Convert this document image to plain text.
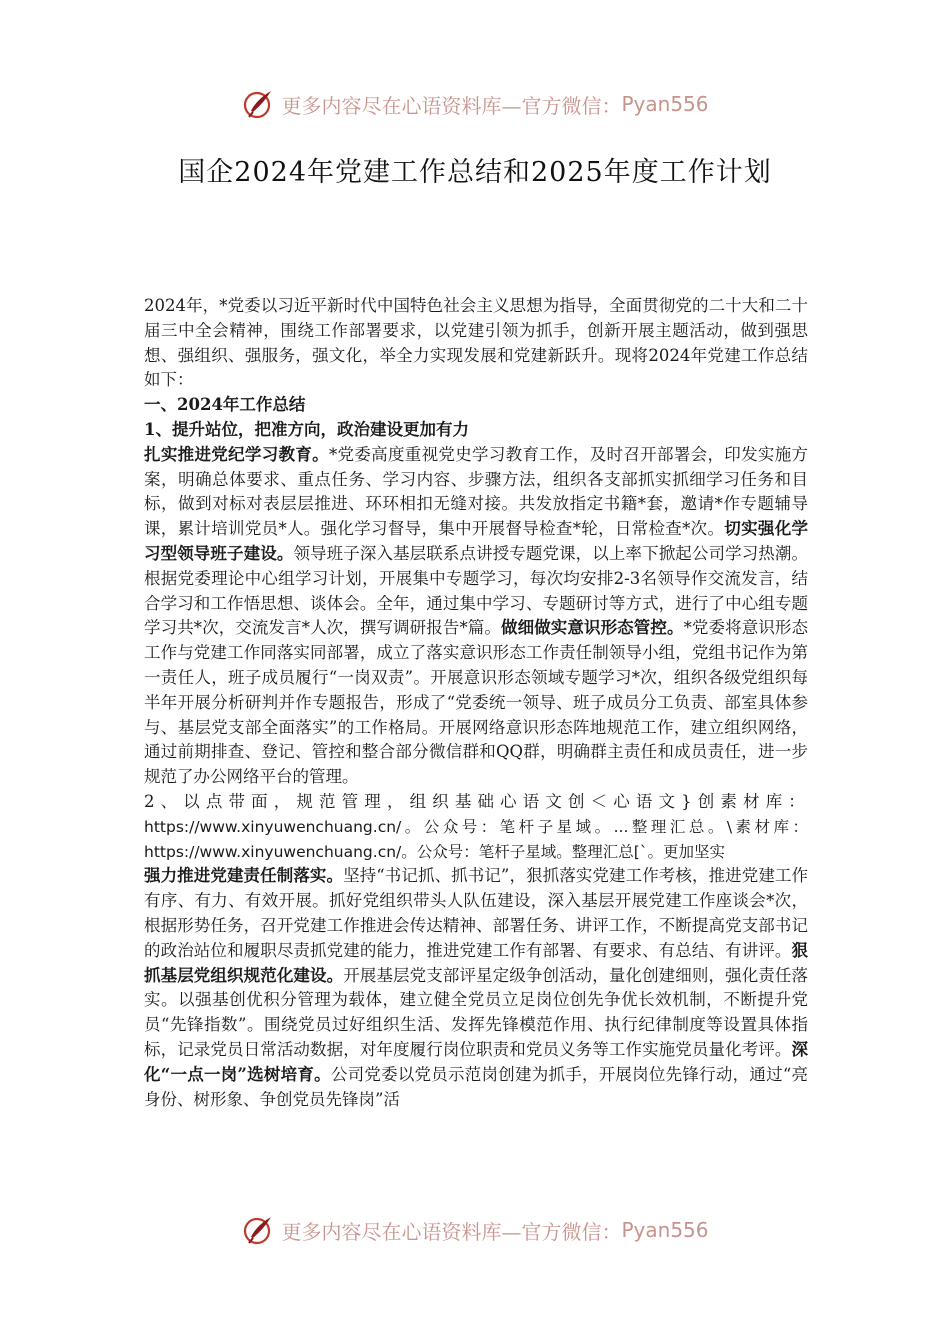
更多内容尽在心语资料库—官方微信： Pyan556
国企2024年党建工作总结和2025年度工作计划

2024年，*党委以习近平新时代中国特色社会主义思想为指导，全面贯彻党的二十大和二十届三中全会精神，围绕工作部署要求，以党建引领为抓手，创新开展主题活动，做到强思想、强组织、强服务，强文化，举全力实现发展和党建新跃升。现将2024年党建工作总结如下：

一、2024年工作总结

1、提升站位，把准方向，政治建设更加有力

扎实推进党纪学习教育。*党委高度重视党史学习教育工作，及时召开部署会，印发实施方案，明确总体要求、重点任务、学习内容、步骤方法，组织各支部抓实抓细学习任务和目标，做到对标对表层层推进、环环相扣无缝对接。共发放指定书籍*套，邀请*作专题辅导课，累计培训党员*人。强化学习督导，集中开展督导检查*轮，日常检查*次。切实强化学习型领导班子建设。领导班子深入基层联系点讲授专题党课，以上率下掀起公司学习热潮。根据党委理论中心组学习计划，开展集中专题学习，每次均安排2-3名领导作交流发言，结合学习和工作悟思想、谈体会。全年，通过集中学习、专题研讨等方式，进行了中心组专题学习共*次，交流发言*人次，撰写调研报告*篇。做细做实意识形态管控。*党委将意识形态工作与党建工作同落实同部署，成立了落实意识形态工作责任制领导小组，党组书记作为第一责任人，班子成员履行“一岗双责”。开展意识形态领域专题学习*次，组织各级党组织每半年开展分析研判并作专题报告，形成了“党委统一领导、班子成员分工负责、部室具体参与、基层党支部全面落实”的工作格局。开展网络意识形态阵地规范工作，建立组织网络，通过前期排查、登记、管控和整合部分微信群和QQ群，明确群主责任和成员责任，进一步规范了办公网络平台的管理。

2、以点带面，规范管理，组织基础心语文创＜心语文}创素材库： https://www.xinyuwenchuang.cn/。公众号：笔杆子星域。...整理汇总。\素材库： https://www.xinyuwenchuang.cn/。公众号：笔杆子星域。整理汇总[`。更加坚实

强力推进党建责任制落实。坚持“书记抓、抓书记”，狠抓落实党建工作考核，推进党建工作有序、有力、有效开展。抓好党组织带头人队伍建设，深入基层开展党建工作座谈会*次，根据形势任务，召开党建工作推进会传达精神、部署任务、讲评工作，不断提高党支部书记的政治站位和履职尽责抓党建的能力，推进党建工作有部署、有要求、有总结、有讲评。狠抓基层党组织规范化建设。开展基层党支部评星定级争创活动，量化创建细则，强化责任落实。以强基创优积分管理为载体，建立健全党员立足岗位创先争优长效机制，不断提升党员“先锋指数”。围绕党员过好组织生活、发挥先锋模范作用、执行纪律制度等设置具体指标，记录党员日常活动数据，对年度履行岗位职责和党员义务等工作实施党员量化考评。深化“一点一岗”选树培育。公司党委以党员示范岗创建为抓手，开展岗位先锋行动，通过“亮身份、树形象、争创党员先锋岗”活

更多内容尽在心语资料库—官方微信： Pyan556
